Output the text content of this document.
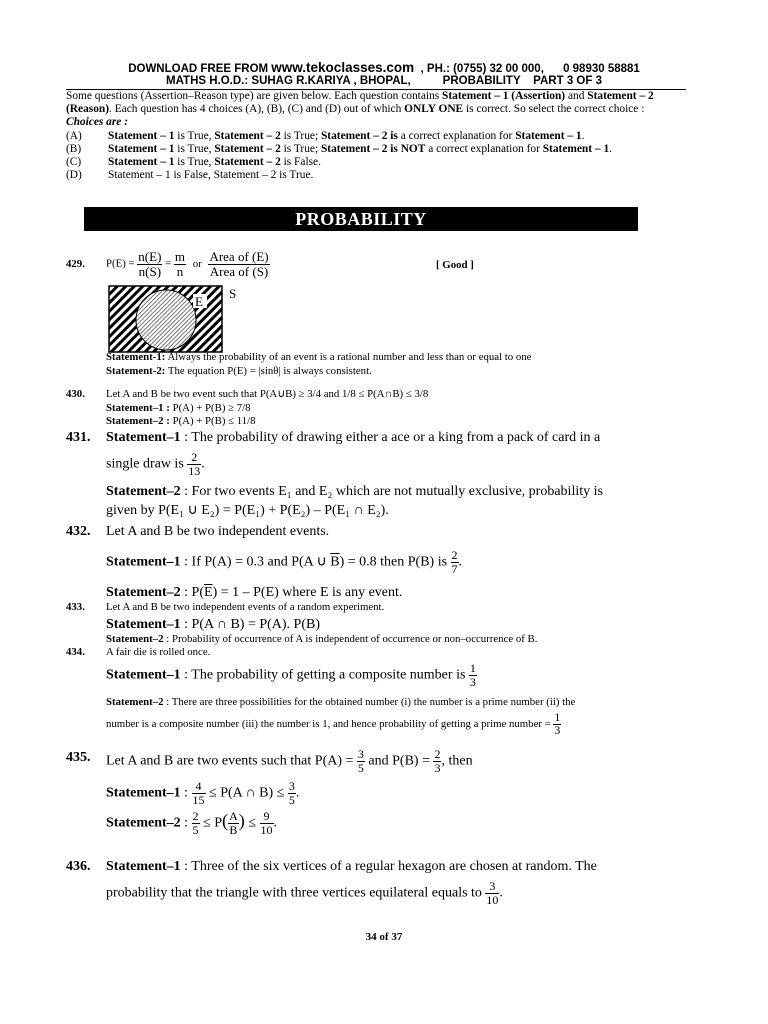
DOWNLOAD FREE FROM www.tekoclasses.com  , PH.: (0755) 32 00 000,      0 98930 58881
MATHS H.O.D.: SUHAG R.KARIYA , BHOPAL,          PROBABILITY    PART 3 OF 3
Some questions (Assertion–Reason type) are given below. Each question contains Statement – 1 (Assertion) and Statement – 2 (Reason). Each question has 4 choices (A), (B), (C) and (D) out of which ONLY ONE is correct. So select the correct choice :
Choices are :
(A)	Statement – 1 is True, Statement – 2 is True; Statement – 2 is a correct explanation for Statement – 1.
(B)	Statement – 1 is True, Statement – 2 is True; Statement – 2 is NOT a correct explanation for Statement – 1.
(C)	Statement – 1 is True, Statement – 2 is False.
(D)	Statement – 1 is False, Statement – 2 is True.
PROBABILITY
429. $P(E) = \frac{n(E)}{n(S)} = \frac{m}{n}$ or $\frac{\text{Area of (E)}}{\text{Area of (S)}}$	[ Good ]
E
S
Statement-1: Always the probability of an event is a rational number and less than or equal to one
Statement-2: The equation P(E) = |sinθ| is always consistent.
430. Let A and B be two event such that P(A∪B) ≥ 3/4 and 1/8 ≤ P(A∩B) ≤ 3/8
Statement–1 : P(A) + P(B) ≥ 7/8
Statement–2 : P(A) + P(B) ≤ 11/8
431. Statement–1 : The probability of drawing either a ace or a king from a pack of card in a
single draw is $\frac{2}{13}$ .
Statement–2 : For two events E₁ and E₂ which are not mutually exclusive, probability is
given by P(E₁ ∪ E₂) = P(E₁) + P(E₂) – P(E₁ ∩ E₂).
432. Let A and B be two independent events.
Statement–1 : If P(A) = 0.3 and P(A ∪ $\overline{B}) = 0.8$ then P(B) is $\frac{2}{7}$ .
Statement–2 : $P(\overline{E}) = 1 - P(E)$ where E is any event.
433. Let A and B be two independent events of a random experiment.
Statement–1 : P(A ∩ B) = P(A). P(B)
Statement–2 : Probability of occurrence of A is independent of occurrence or non–occurrence of B.
434. A fair die is rolled once.
Statement–1 : The probability of getting a composite number is $\frac{1}{3}$
Statement–2 : There are three possibilities for the obtained number (i) the number is a prime number (ii) the
number is a composite number (iii) the number is 1, and hence probability of getting a prime number = $\frac{1}{3}$
435. Let A and B are two events such that $P(A) = \frac{3}{5}$ and $P(B) = \frac{2}{3}$ , then
Statement–1 : $\frac{4}{15} \le P(A$ ∩ $B) \le \frac{3}{5}$ .
Statement–2 : $\frac{2}{5} \le P( \frac{A}{B}$ ) ≤ $\frac{9}{10}$ .
436. Statement–1 : Three of the six vertices of a regular hexagon are chosen at random. The
probability that the triangle with three vertices equilateral equals to $\frac{3}{10}$ .
34 of 37
